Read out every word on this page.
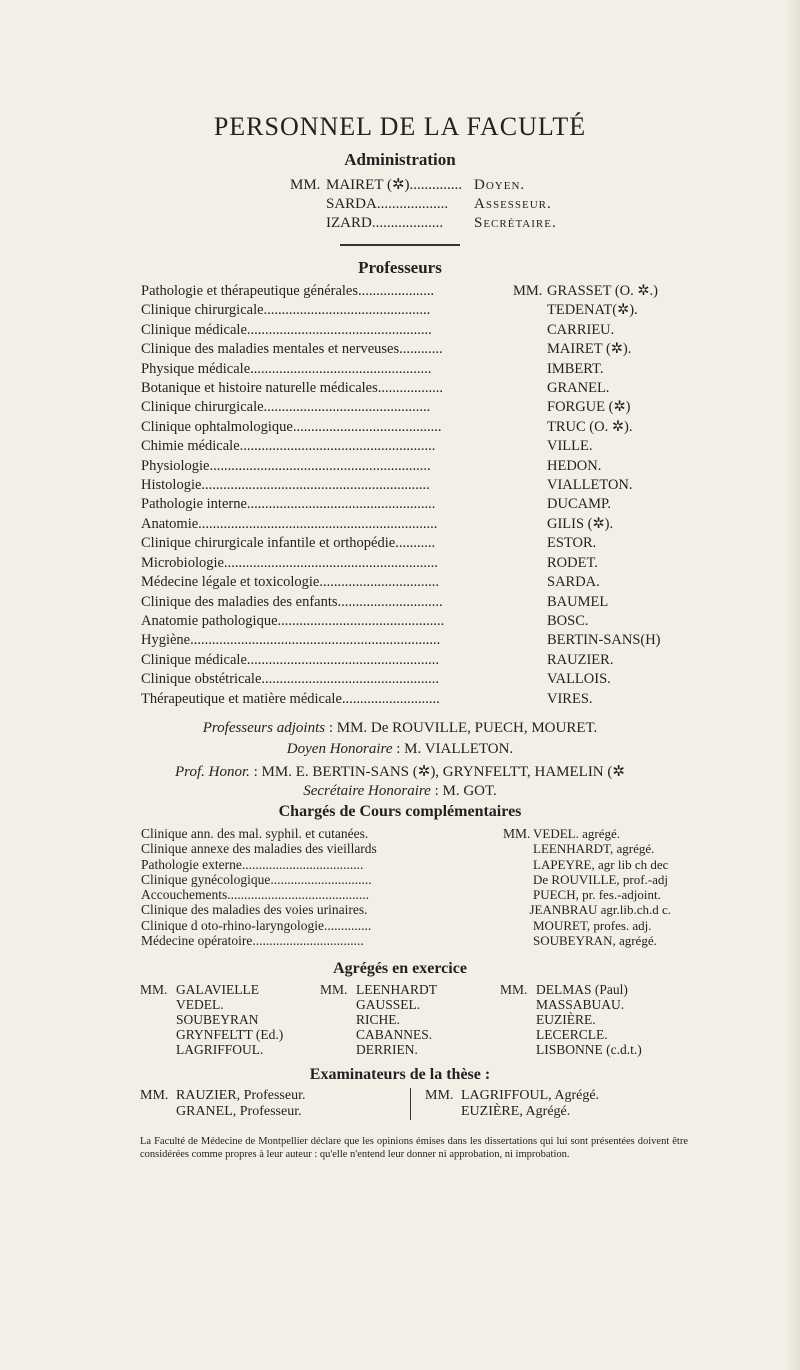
PERSONNEL DE LA FACULTÉ
Administration
MM. MAIRET (✲).............. Doyen.
SARDA...................	Assesseur.
IZARD...................	Secrétaire.
Professeurs
Pathologie et thérapeutique générales.....................	MM. GRASSET (O. ✲.)
Clinique chirurgicale..............................................	TEDENAT(✲).
Clinique médicale...................................................	CARRIEU.
Clinique des maladies mentales et nerveuses............	MAIRET (✲).
Physique médicale..................................................	IMBERT.
Botanique et histoire naturelle médicales..................	GRANEL.
Clinique chirurgicale..............................................	FORGUE (✲)
Clinique ophtalmologique.........................................	TRUC (O. ✲).
Chimie médicale......................................................	VILLE.
Physiologie.............................................................	HEDON.
Histologie...............................................................	VIALLETON.
Pathologie interne....................................................	DUCAMP.
Anatomie..................................................................	GILIS (✲).
Clinique chirurgicale infantile et orthopédie...........	ESTOR.
Microbiologie...........................................................	RODET.
Médecine légale et toxicologie.................................	SARDA.
Clinique des maladies des enfants.............................	BAUMEL
Anatomie pathologique..............................................	BOSC.
Hygiène.....................................................................	BERTIN-SANS(H)
Clinique médicale.....................................................	RAUZIER.
Clinique obstétricale.................................................	VALLOIS.
Thérapeutique et matière médicale...........................	VIRES.
Professeurs adjoints : MM. De ROUVILLE, PUECH, MOURET.
Doyen Honoraire : M. VIALLETON.
Prof. Honor. : MM. E. BERTIN-SANS (✲), GRYNFELTT, HAMELIN (✲
Secrétaire Honoraire : M. GOT.
Chargés de Cours complémentaires
Clinique ann. des mal. syphil. et cutanées.	MM. VEDEL. agrégé.
Clinique annexe des maladies des vieillards	LEENHARDT, agrégé.
Pathologie externe....................................	LAPEYRE, agr lib ch dec
Clinique gynécologique..............................	De ROUVILLE, prof.-adj
Accouchements..........................................	PUECH, pr. fes.-adjoint.
Clinique des maladies des voies urinaires.	JEANBRAU agr.lib.ch.d c.
Clinique d oto-rhino-laryngologie..............	MOURET, profes. adj.
Médecine opératoire.................................	SOUBEYRAN, agrégé.
Agrégés en exercice
MM. GALAVIELLE
VEDEL.
SOUBEYRAN
GRYNFELTT (Ed.)
LAGRIFFOUL.
MM. LEENHARDT
GAUSSEL.
RICHE.
CABANNES.
DERRIEN.
MM. DELMAS (Paul)
MASSABUAU.
EUZIÈRE.
LECERCLE.
LISBONNE (c.d.t.)
Examinateurs de la thèse :
MM. RAUZIER, Professeur.
GRANEL, Professeur.
MM. LAGRIFFOUL, Agrégé.
EUZIÈRE, Agrégé.
La Faculté de Médecine de Montpellier déclare que les opinions émises dans les dissertations qui lui sont présentées doivent être considérées comme propres à leur auteur : qu'elle n'entend leur donner ni approbation, ni improbation.
